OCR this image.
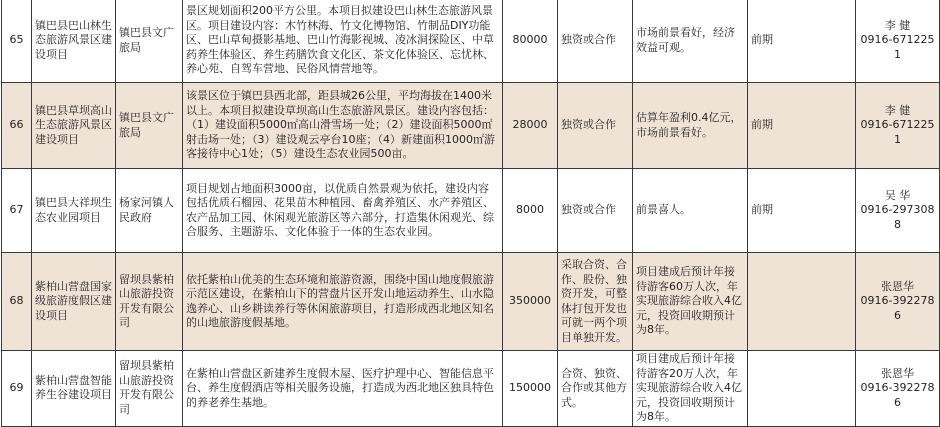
65	镇巴县巴山林生态旅游风景区建设项目	镇巴县文广旅局	景区规划面积200平方公里。本项目拟建设巴山林生态旅游风景区。项目建设内容：木竹林海、竹文化博物馆、竹制品DIY功能区、巴山草甸摄影基地、巴山竹海影视城、凌冰洞探险区、中草药养生体验区、养生药膳饮食文化区、茶文化体验区、忘忧林、养心苑、自驾车营地、民俗风情营地等。	80000	独资或合作	市场前景看好，经济效益可观。	前期	李 健
0916-6712251

66	镇巴县草坝高山生态旅游风景区建设项目	镇巴县文广旅局	该景区位于镇巴县西北部，距县城26公里，平均海拔在1400米以上。本项目拟建设草坝高山生态旅游风景区。建设内容包括：（1）建设面积5000㎡高山滑雪场一处；（2）建设面积5000㎡射击场一处；（3）建设观云亭台10座；（4）新建面积1000㎡游客接待中心1处；（5）建设生态农业园500亩。	28000	独资或合作	估算年盈利0.4亿元，市场前景看好。	前期	李 健
0916-6712251

67	镇巴县大祥坝生态农业园项目	杨家河镇人民政府	项目规划占地面积3000亩，以优质自然景观为依托，建设内容包括优质石榴园、花果苗木种植园、畜禽养殖区、水产养殖区、农产品加工园、休闲观光旅游区等六部分，打造集休闲观光、综合服务、主题游乐、文化体验于一体的生态农业园。	8000	独资或合作	前景喜人。	前期	吴 华
0916-2973088

68	紫柏山营盘国家级旅游度假区建设项目	留坝县紫柏山旅游投资开发有限公司	依托紫柏山优美的生态环境和旅游资源，围绕中国山地度假旅游示范区建设，在紫柏山下的营盘片区开发山地运动养生、山水隐逸养心、山乡耕读养行等休闲旅游项目，打造形成西北地区知名的山地旅游度假基地。	350000	采取合资、合作、股份、独资开发，可整体打包开发也可就一两个项目单独开发。	项目建成后预计年接待游客60万人次，年实现旅游综合收入4亿元，投资回收期预计为8年。		张恩华
0916-3922786

69	紫柏山营盘智能养生谷建设项目	留坝县紫柏山旅游投资开发有限公司	在紫柏山营盘区新建养生度假木屋、医疗护理中心、智能信息平台、养生度假酒店等相关服务设施，打造成为西北地区独具特色的养老养生基地。	150000	合资、独资、合作或其他方式。	项目建成后预计年接待游客20万人次，年实现旅游综合收入4亿元，投资回收期预计为8年。		张恩华
0916-3922786
